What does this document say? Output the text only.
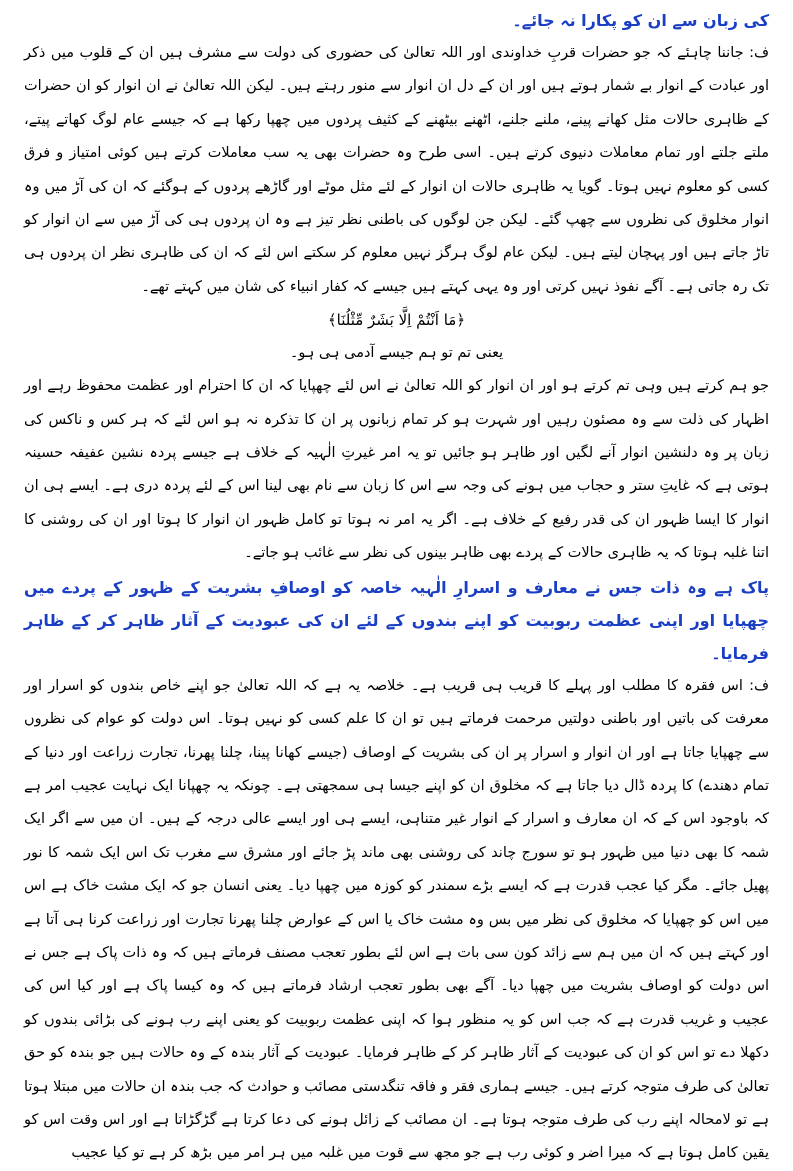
کی زبان سے ان کو پکارا نہ جائے۔

ف: جاننا چاہئے کہ جو حضرات قربِ خداوندی اور اللہ تعالیٰ کی حضوری کی دولت سے مشرف ہیں ان کے قلوب میں ذکر اور عبادت کے انوار بے شمار ہوتے ہیں اور ان کے دل ان انوار سے منور رہتے ہیں۔ لیکن اللہ تعالیٰ نے ان انوار کو ان حضرات کے ظاہری حالات مثل کھانے پینے، ملنے جلنے، اٹھنے بیٹھنے کے کثیف پردوں میں چھپا رکھا ہے کہ جیسے عام لوگ کھاتے پیتے، ملتے جلتے اور تمام معاملات دنیوی کرتے ہیں۔ اسی طرح وہ حضرات بھی یہ سب معاملات کرتے ہیں کوئی امتیاز و فرق کسی کو معلوم نہیں ہوتا۔ گویا یہ ظاہری حالات ان انوار کے لئے مثل موٹے اور گاڑھے پردوں کے ہوگئے کہ ان کی آڑ میں وہ انوار مخلوق کی نظروں سے چھپ گئے۔ لیکن جن لوگوں کی باطنی نظر تیز ہے وہ ان پردوں ہی کی آڑ میں سے ان انوار کو تاڑ جاتے ہیں اور پہچان لیتے ہیں۔ لیکن عام لوگ ہرگز نہیں معلوم کر سکتے اس لئے کہ ان کی ظاہری نظر ان پردوں ہی تک رہ جاتی ہے۔ آگے نفوذ نہیں کرتی اور وہ یہی کہتے ہیں جیسے کہ کفار انبیاء کی شان میں کہتے تھے۔

﴿مَا اَنْتُمْ اِلَّا بَشَرٌ مِّثْلُنَا﴾

یعنی تم تو ہم جیسے آدمی ہی ہو۔

جو ہم کرتے ہیں وہی تم کرتے ہو اور ان انوار کو اللہ تعالیٰ نے اس لئے چھپایا کہ ان کا احترام اور عظمت محفوظ رہے اور اظہار کی ذلت سے وہ مصئون رہیں اور شہرت ہو کر تمام زبانوں پر ان کا تذکرہ نہ ہو اس لئے کہ ہر کس و ناکس کی زبان پر وہ دلنشین انوار آنے لگیں اور ظاہر ہو جائیں تو یہ امر غیرتِ الٰہیہ کے خلاف ہے جیسے پردہ نشین عفیفہ حسینہ ہوتی ہے کہ غایتِ ستر و حجاب میں ہونے کی وجہ سے اس کا زبان سے نام بھی لینا اس کے لئے پردہ دری ہے۔ ایسے ہی ان انوار کا ایسا ظہور ان کی قدر رفیع کے خلاف ہے۔ اگر یہ امر نہ ہوتا تو کامل ظہور ان انوار کا ہوتا اور ان کی روشنی کا اتنا غلبہ ہوتا کہ یہ ظاہری حالات کے پردے بھی ظاہر بینوں کی نظر سے غائب ہو جاتے۔

پاک ہے وہ ذات جس نے معارف و اسرارِ الٰہیہ خاصہ کو اوصافِ بشریت کے ظہور کے پردے میں چھپایا اور اپنی عظمت ربوبیت کو اپنے بندوں کے لئے ان کی عبودیت کے آثار ظاہر کر کے ظاہر فرمایا۔

ف: اس فقرہ کا مطلب اور پہلے کا قریب ہی قریب ہے۔ خلاصہ یہ ہے کہ اللہ تعالیٰ جو اپنے خاص بندوں کو اسرار اور معرفت کی باتیں اور باطنی دولتیں مرحمت فرماتے ہیں تو ان کا علم کسی کو نہیں ہوتا۔ اس دولت کو عوام کی نظروں سے چھپایا جاتا ہے اور ان انوار و اسرار پر ان کی بشریت کے اوصاف (جیسے کھانا پینا، چلنا پھرنا، تجارت زراعت اور دنیا کے تمام دھندے) کا پردہ ڈال دیا جاتا ہے کہ مخلوق ان کو اپنے جیسا ہی سمجھتی ہے۔ چونکہ یہ چھپانا ایک نہایت عجیب امر ہے کہ باوجود اس کے کہ ان معارف و اسرار کے انوار غیر متناہی، ایسے ہی اور ایسے عالی درجہ کے ہیں۔ ان میں سے اگر ایک شمہ کا بھی دنیا میں ظہور ہو تو سورج چاند کی روشنی بھی ماند پڑ جائے اور مشرق سے مغرب تک اس ایک شمہ کا نور پھیل جائے۔ مگر کیا عجب قدرت ہے کہ ایسے بڑے سمندر کو کوزہ میں چھپا دیا۔ یعنی انسان جو کہ ایک مشت خاک ہے اس میں اس کو چھپایا کہ مخلوق کی نظر میں بس وہ مشت خاک یا اس کے عوارض چلنا پھرنا تجارت اور زراعت کرنا ہی آتا ہے اور کہتے ہیں کہ ان میں ہم سے زائد کون سی بات ہے اس لئے بطور تعجب مصنف فرماتے ہیں کہ وہ ذات پاک ہے جس نے اس دولت کو اوصاف بشریت میں چھپا دیا۔ آگے بھی بطور تعجب ارشاد فرماتے ہیں کہ وہ کیسا پاک ہے اور کیا اس کی عجیب و غریب قدرت ہے کہ جب اس کو یہ منظور ہوا کہ اپنی عظمت ربوبیت کو یعنی اپنے رب ہونے کی بڑائی بندوں کو دکھلا دے تو اس کو ان کی عبودیت کے آثار ظاہر کر کے ظاہر فرمایا۔ عبودیت کے آثار بندہ کے وہ حالات ہیں جو بندہ کو حق تعالیٰ کی طرف متوجہ کرتے ہیں۔ جیسے ہماری فقر و فاقہ تنگدستی مصائب و حوادث کہ جب بندہ ان حالات میں مبتلا ہوتا ہے تو لامحالہ اپنے رب کی طرف متوجہ ہوتا ہے۔ ان مصائب کے زائل ہونے کی دعا کرتا ہے گڑگڑاتا ہے اور اس وقت اس کو یقین کامل ہوتا ہے کہ میرا اضر و کوئی رب ہے جو مجھ سے قوت میں غلبہ میں ہر امر میں بڑھ کر ہے تو کیا عجیب
